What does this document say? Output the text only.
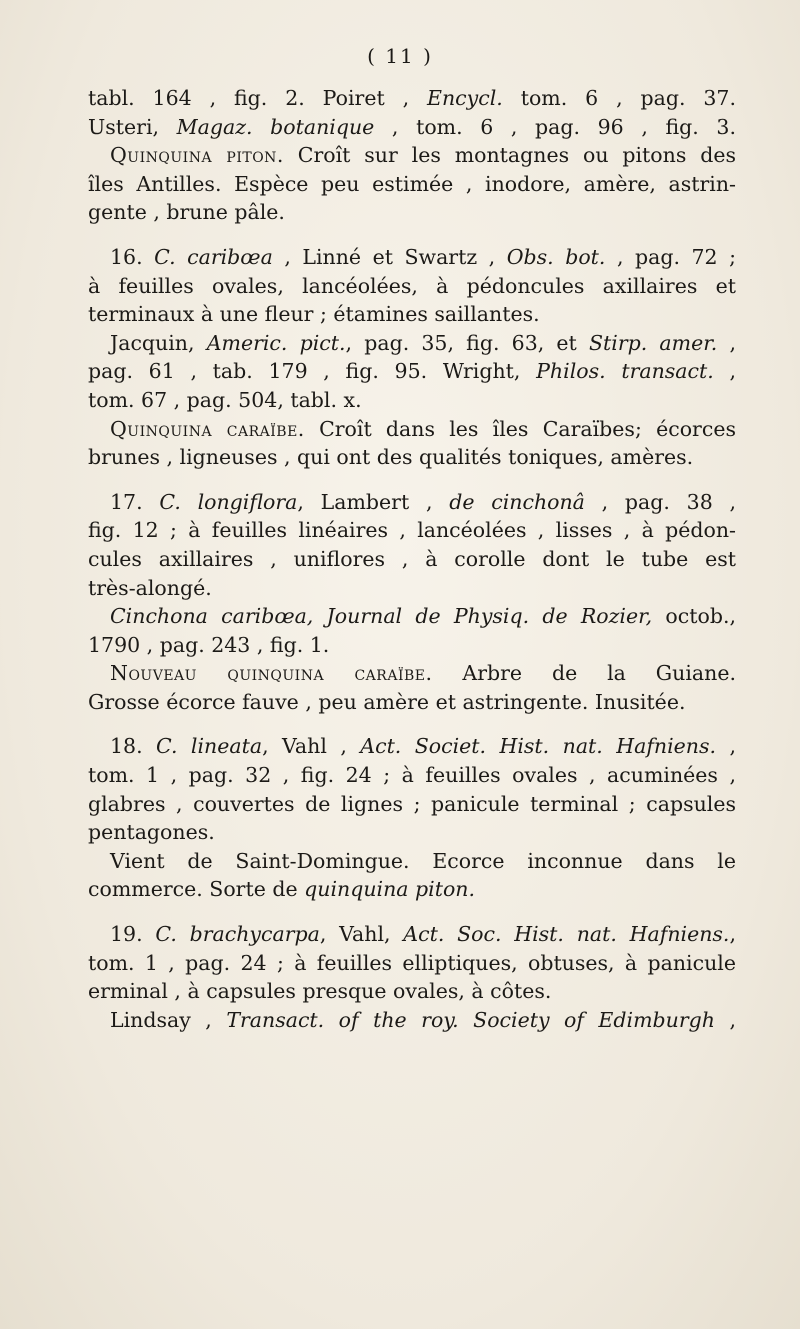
( 11 )
tabl. 164 , fig. 2. Poiret , Encycl. tom. 6 , pag. 37.
Usteri, Magaz. botanique , tom. 6 , pag. 96 , fig. 3.
Quinquina piton. Croît sur les montagnes ou pitons des
îles Antilles. Espèce peu estimée , inodore, amère, astrin-
gente , brune pâle.
16. C. caribœa , Linné et Swartz , Obs. bot. , pag. 72 ;
à feuilles ovales, lancéolées, à pédoncules axillaires et
terminaux à une fleur ; étamines saillantes.
Jacquin, Americ. pict., pag. 35, fig. 63, et Stirp. amer. ,
pag. 61 , tab. 179 , fig. 95. Wright, Philos. transact. ,
tom. 67 , pag. 504, tabl. x.
Quinquina caraïbe. Croît dans les îles Caraïbes; écorces
brunes , ligneuses , qui ont des qualités toniques, amères.
17. C. longiflora, Lambert , de cinchonâ , pag. 38 ,
fig. 12 ; à feuilles linéaires , lancéolées , lisses , à pédon-
cules axillaires , uniflores , à corolle dont le tube est
très-alongé.
Cinchona caribœa, Journal de Physiq. de Rozier, octob.,
1790 , pag. 243 , fig. 1.
Nouveau quinquina caraïbe. Arbre de la Guiane.
Grosse écorce fauve , peu amère et astringente. Inusitée.
18. C. lineata, Vahl , Act. Societ. Hist. nat. Hafniens. ,
tom. 1 , pag. 32 , fig. 24 ; à feuilles ovales , acuminées ,
glabres , couvertes de lignes ; panicule terminal ; capsules
pentagones.
Vient de Saint-Domingue. Ecorce inconnue dans le
commerce. Sorte de quinquina piton.
19. C. brachycarpa, Vahl, Act. Soc. Hist. nat. Hafniens.,
tom. 1 , pag. 24 ; à feuilles elliptiques, obtuses, à panicule
erminal , à capsules presque ovales, à côtes.
Lindsay , Transact. of the roy. Society of Edimburgh ,
